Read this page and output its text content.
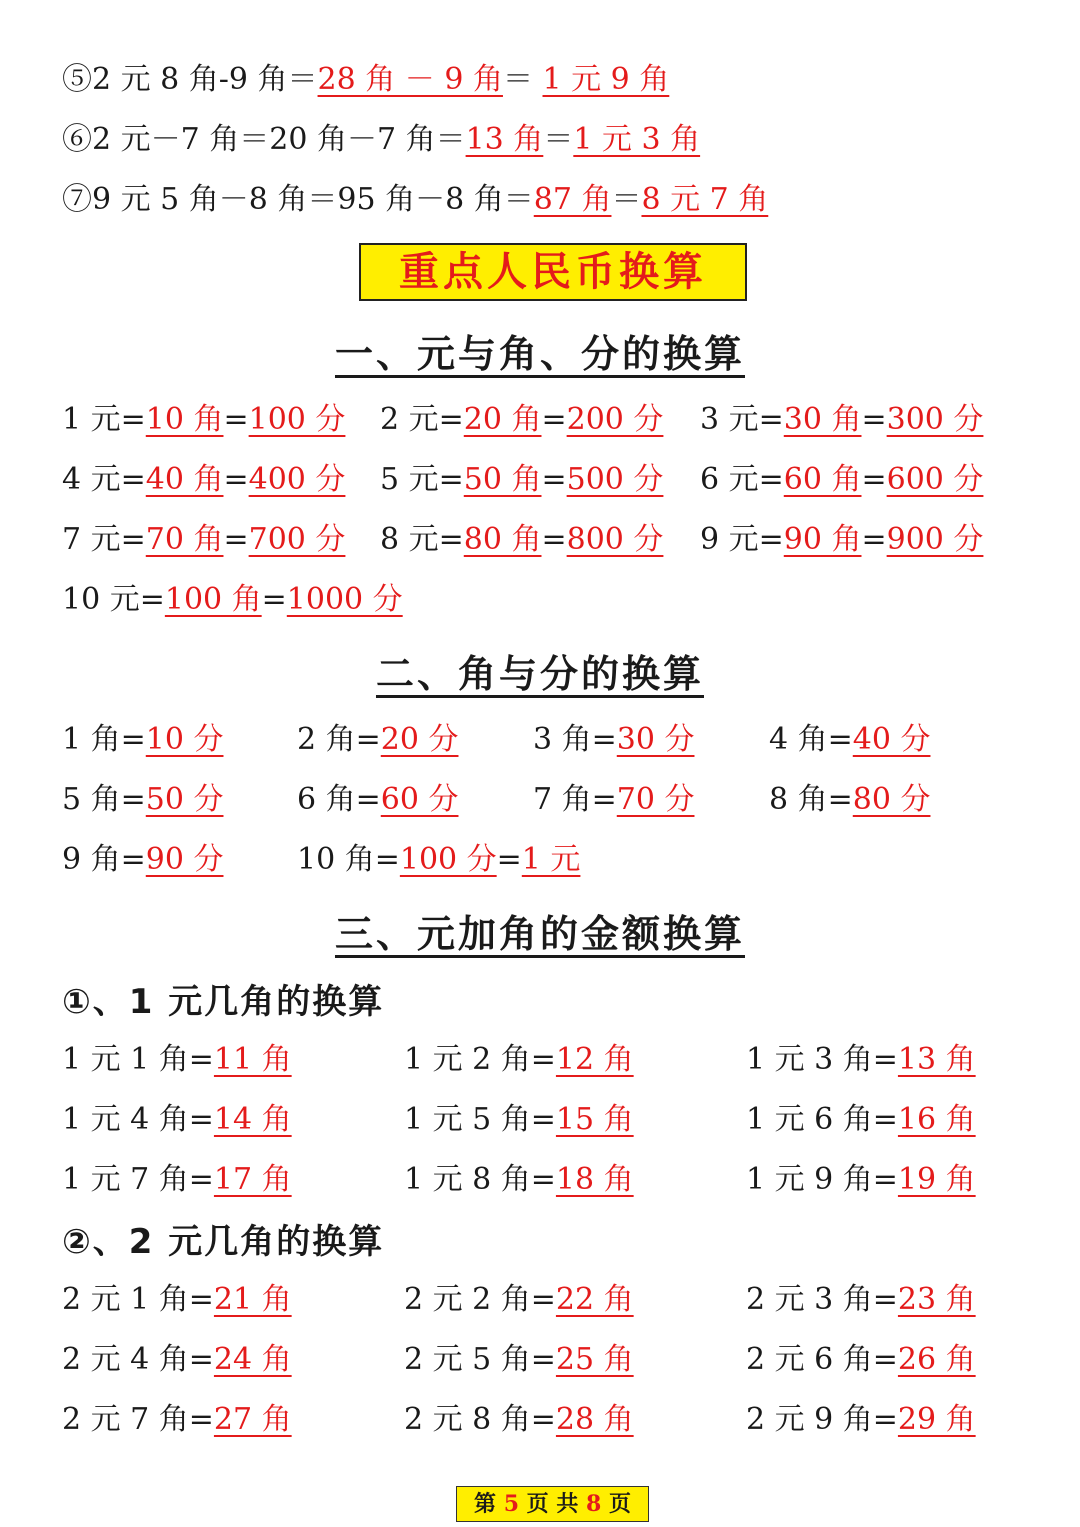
⑤2 元 8 角-9 角＝28 角 － 9 角＝ 1 元 9 角
⑥2 元－7 角＝20 角－7 角＝13 角＝1 元 3 角
⑦9 元 5 角－8 角＝95 角－8 角＝87 角＝8 元 7 角
重点人民币换算
一、元与角、分的换算
1 元=10 角=100 分 2 元=20 角=200 分 3 元=30 角=300 分
4 元=40 角=400 分 5 元=50 角=500 分 6 元=60 角=600 分
7 元=70 角=700 分 8 元=80 角=800 分 9 元=90 角=900 分
10 元=100 角=1000 分
二、角与分的换算
1 角=10 分 2 角=20 分 3 角=30 分 4 角=40 分
5 角=50 分 6 角=60 分 7 角=70 分 8 角=80 分
9 角=90 分 10 角=100 分=1 元
三、元加角的金额换算
①、1 元几角的换算
1 元 1 角=11 角	1 元 2 角=12 角	1 元 3 角=13 角
1 元 4 角=14 角	1 元 5 角=15 角	1 元 6 角=16 角
1 元 7 角=17 角	1 元 8 角=18 角	1 元 9 角=19 角
②、2 元几角的换算
2 元 1 角=21 角	2 元 2 角=22 角	2 元 3 角=23 角
2 元 4 角=24 角	2 元 5 角=25 角	2 元 6 角=26 角
2 元 7 角=27 角	2 元 8 角=28 角	2 元 9 角=29 角
第 5 页 共 8 页
